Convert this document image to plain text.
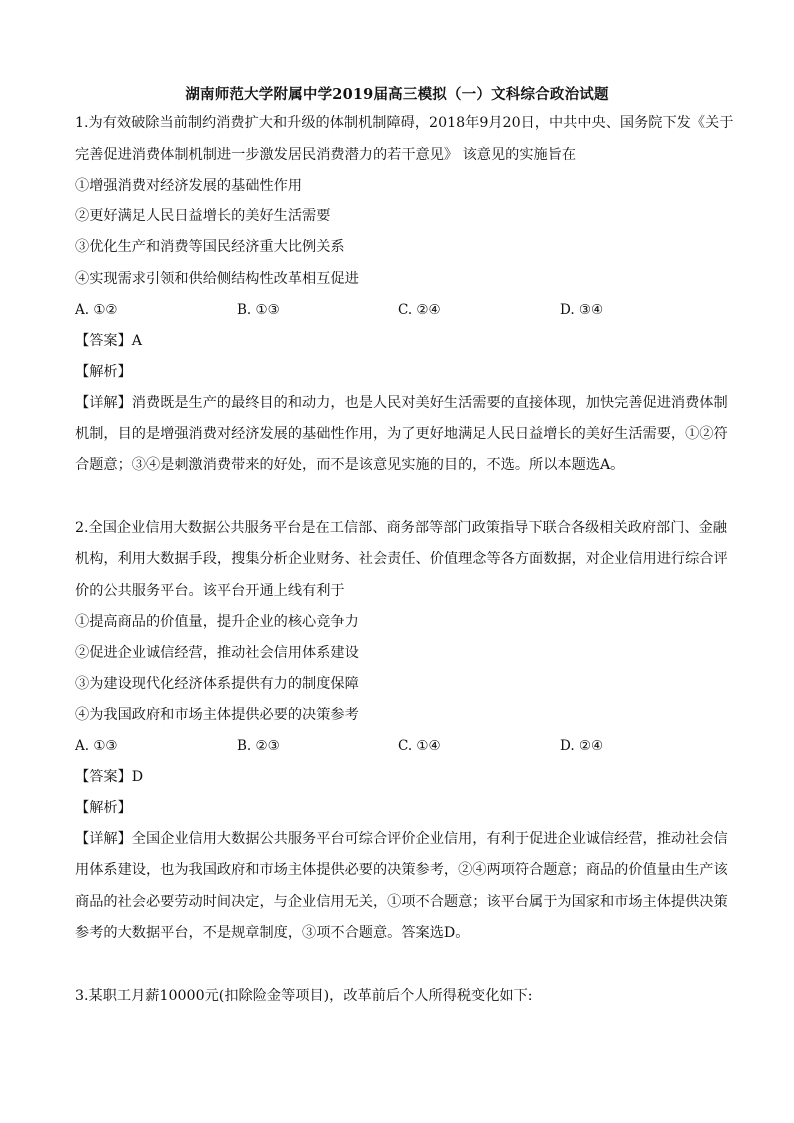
湖南师范大学附属中学2019届高三模拟（一）文科综合政治试题
1.为有效破除当前制约消费扩大和升级的体制机制障碍，2018年9月20日，中共中央、国务院下发《关于
完善促进消费体制机制进一步激发居民消费潜力的若干意见》 该意见的实施旨在
①增强消费对经济发展的基础性作用
②更好满足人民日益增长的美好生活需要
③优化生产和消费等国民经济重大比例关系
④实现需求引领和供给侧结构性改革相互促进
A. ①②	B. ①③	C. ②④	D. ③④
【答案】A
【解析】
【详解】消费既是生产的最终目的和动力，也是人民对美好生活需要的直接体现，加快完善促进消费体制
机制，目的是增强消费对经济发展的基础性作用，为了更好地满足人民日益增长的美好生活需要，①②符
合题意；③④是刺激消费带来的好处，而不是该意见实施的目的，不选。所以本题选A。
2.全国企业信用大数据公共服务平台是在工信部、商务部等部门政策指导下联合各级相关政府部门、金融
机构，利用大数据手段，搜集分析企业财务、社会责任、价值理念等各方面数据，对企业信用进行综合评
价的公共服务平台。该平台开通上线有利于
①提高商品的价值量，提升企业的核心竞争力
②促进企业诚信经营，推动社会信用体系建设
③为建设现代化经济体系提供有力的制度保障
④为我国政府和市场主体提供必要的决策参考
A. ①③	B. ②③	C. ①④	D. ②④
【答案】D
【解析】
【详解】全国企业信用大数据公共服务平台可综合评价企业信用，有利于促进企业诚信经营，推动社会信
用体系建设，也为我国政府和市场主体提供必要的决策参考，②④两项符合题意；商品的价值量由生产该
商品的社会必要劳动时间决定，与企业信用无关，①项不合题意；该平台属于为国家和市场主体提供决策
参考的大数据平台，不是规章制度，③项不合题意。答案选D。
3.某职工月薪10000元(扣除险金等项目)，改革前后个人所得税变化如下:
